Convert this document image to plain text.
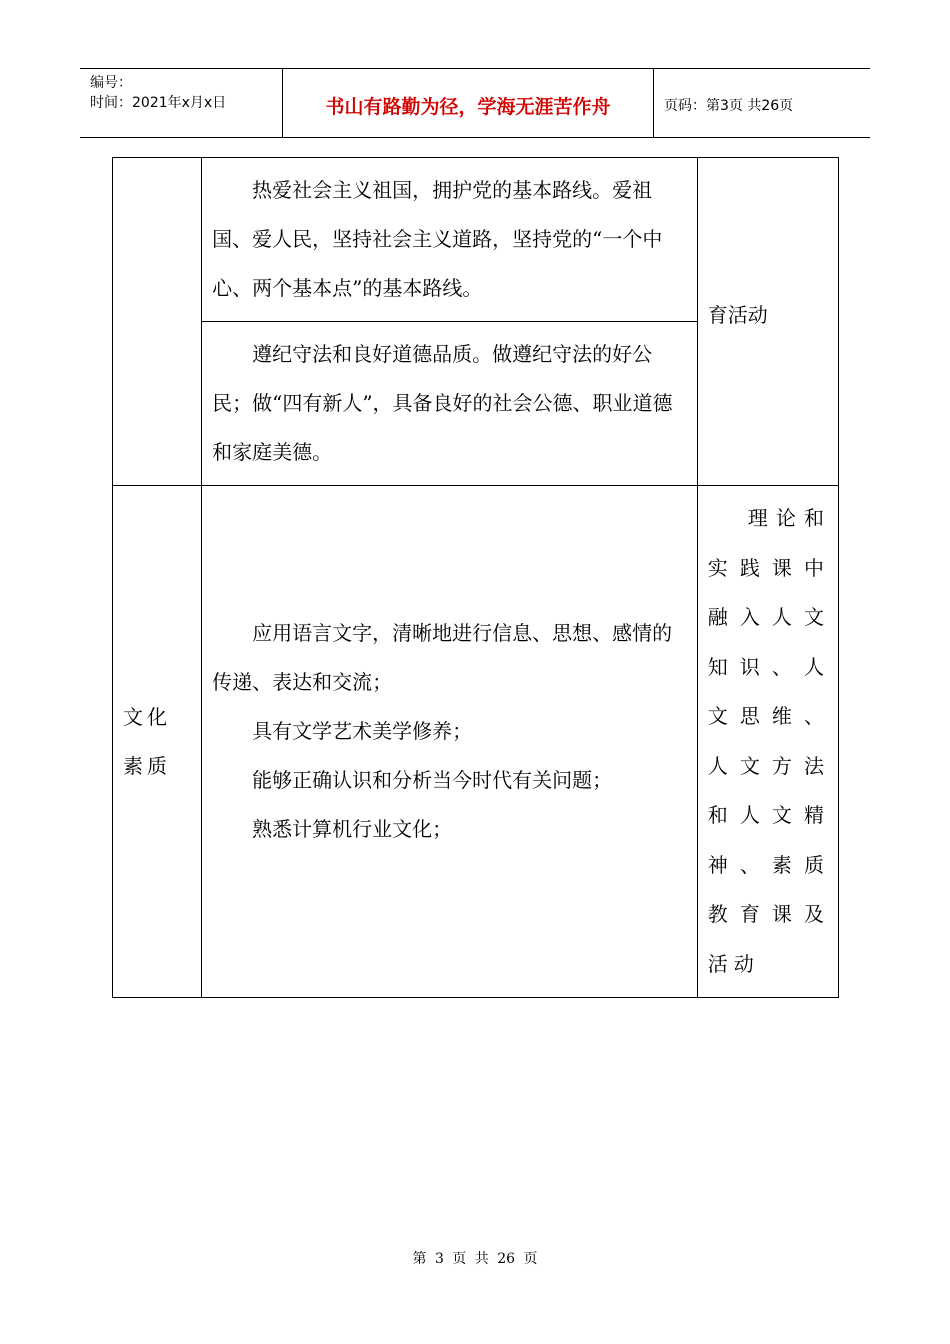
编号：
时间：2021年x月x日	书山有路勤为径，学海无涯苦作舟	页码：第3页 共26页

	热爱社会主义祖国，拥护党的基本路线。爱祖国、爱人民，坚持社会主义道路，坚持党的“一个中心、两个基本点”的基本路线。	育活动

	遵纪守法和良好道德品质。做遵纪守法的好公民；做“四有新人”，具备良好的社会公德、职业道德和家庭美德。	

文化素质	应用语言文字，清晰地进行信息、思想、感情的传递、表达和交流；

具有文学艺术美学修养；

能够正确认识和分析当今时代有关问题；

熟悉计算机行业文化；	理论和实践课中融入人文知识、人文思维、人文方法和人文精神、素质教育课及活动
第 3 页 共 26 页
